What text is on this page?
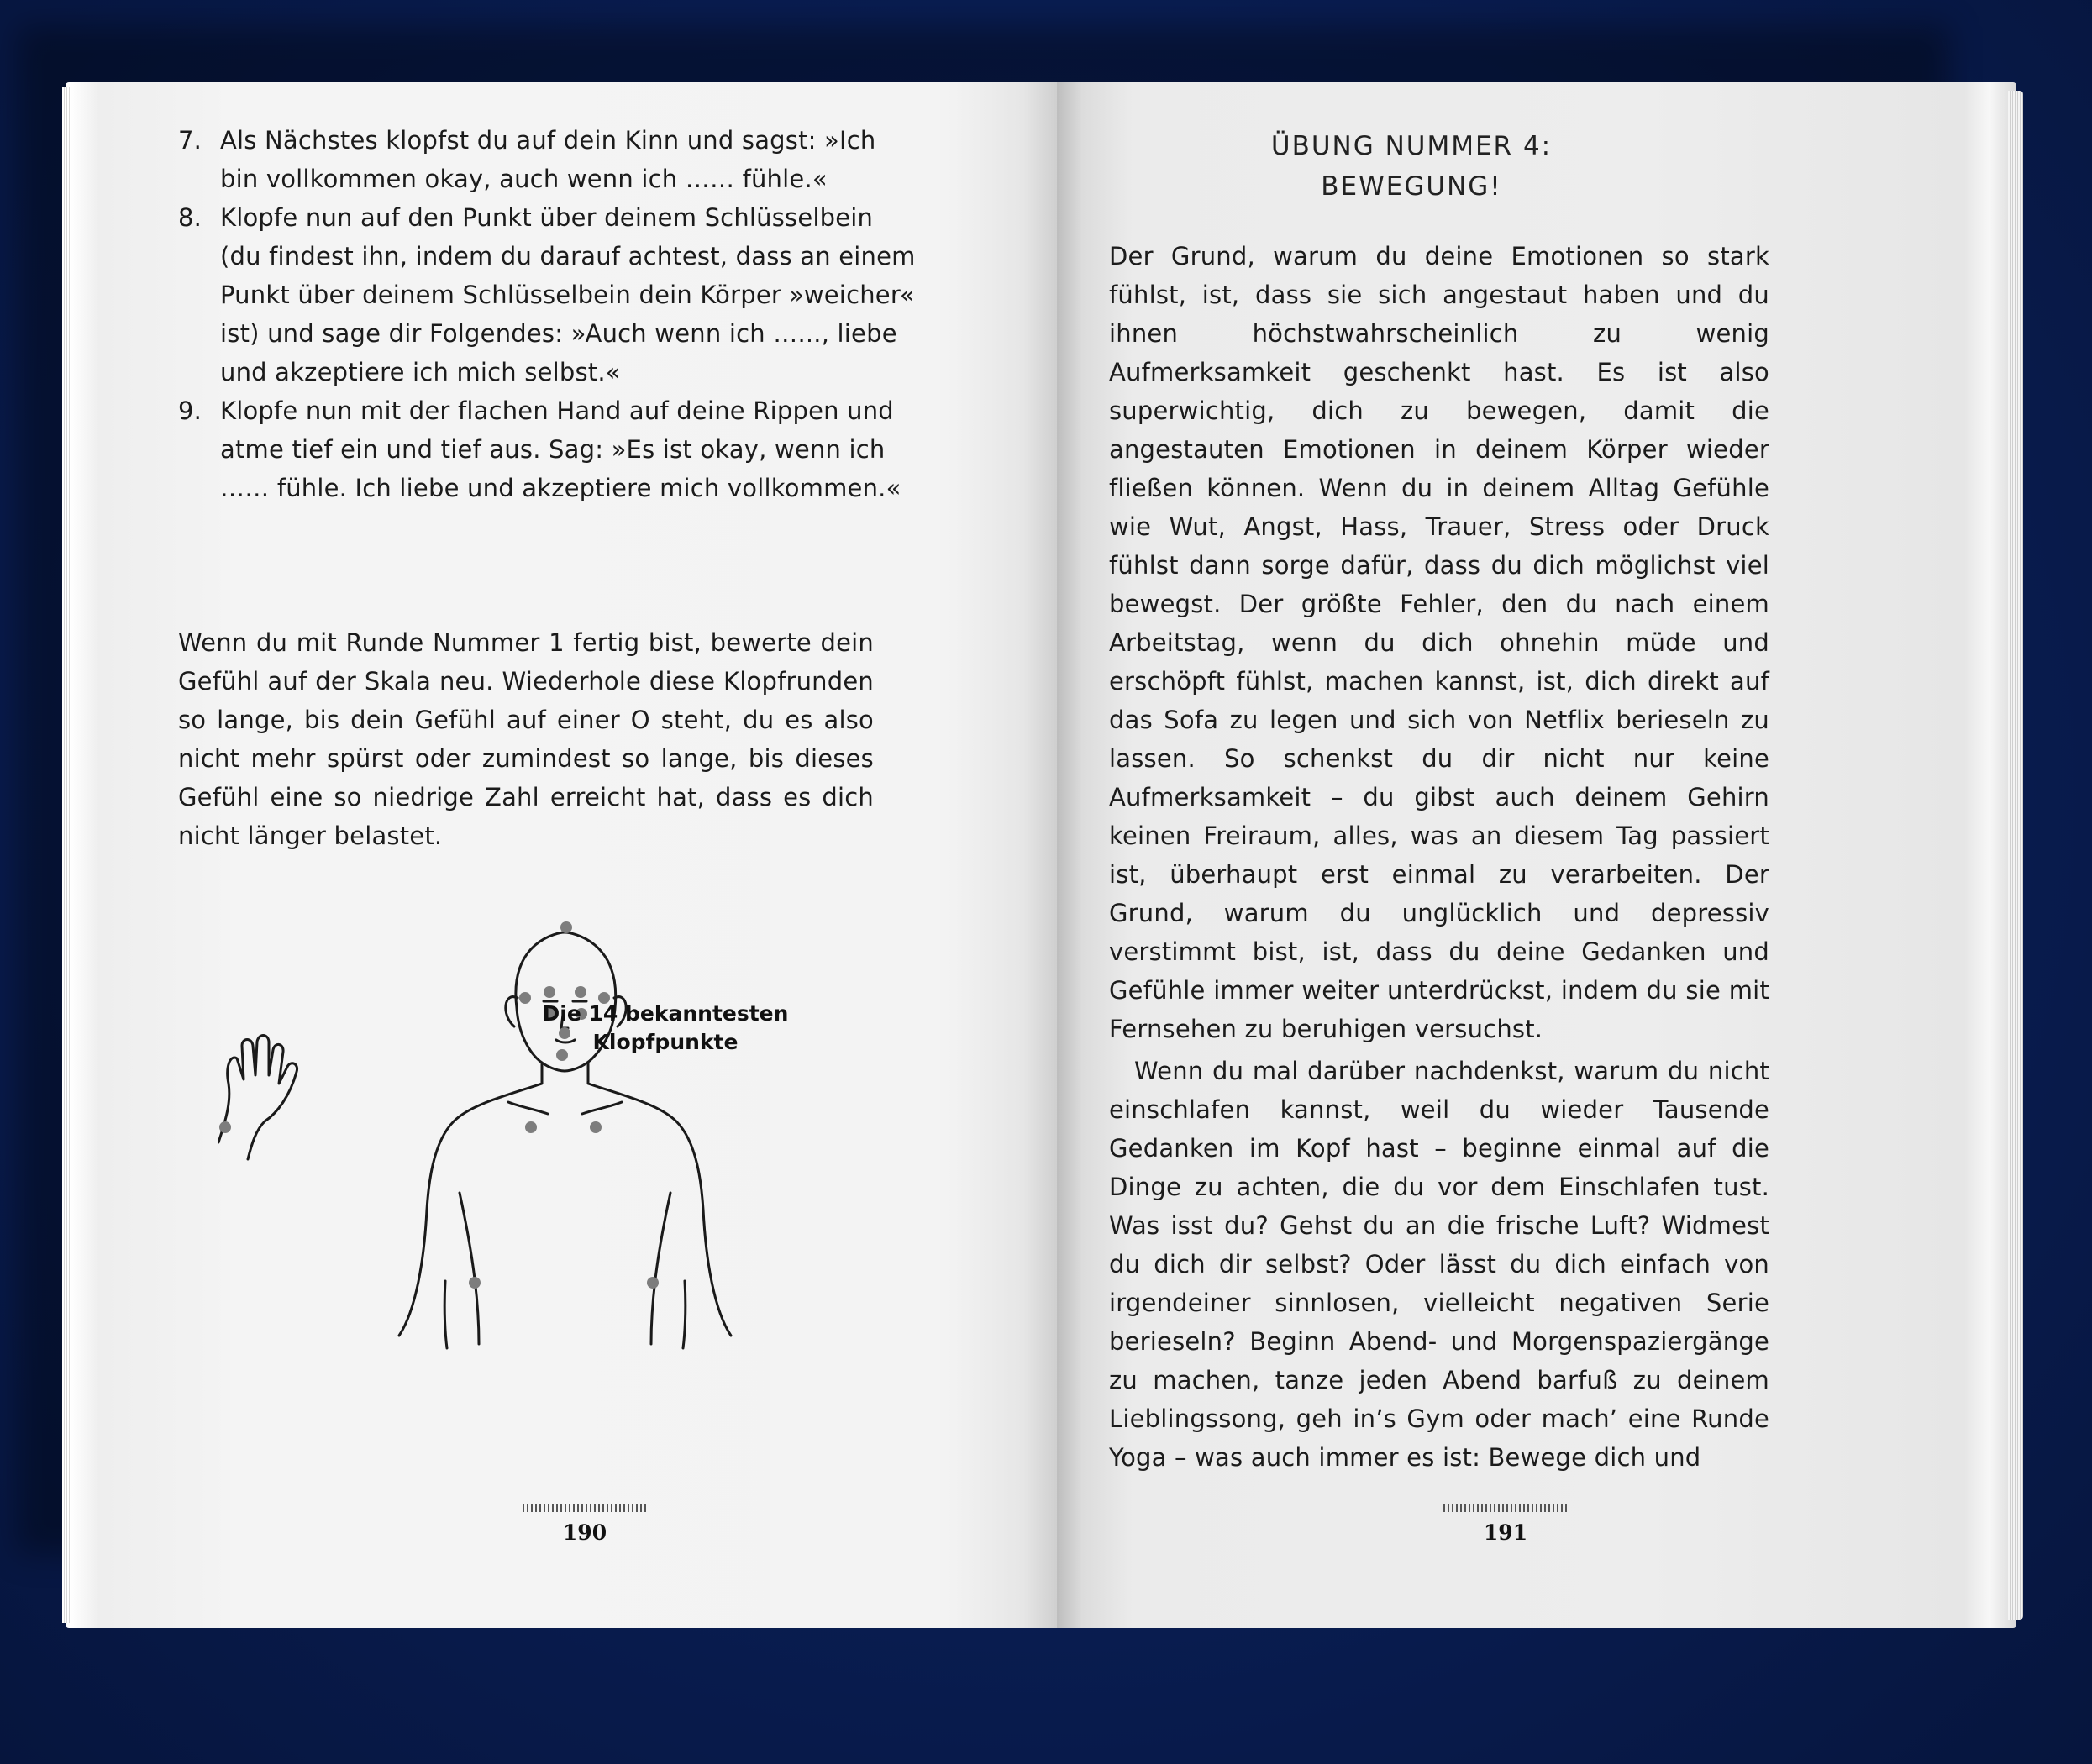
7. Als Nächstes klopfst du auf dein Kinn und sagst: »Ich bin vollkommen okay, auch wenn ich …… fühle.«
8. Klopfe nun auf den Punkt über deinem Schlüsselbein (du findest ihn, indem du darauf achtest, dass an einem Punkt über deinem Schlüsselbein dein Körper »weicher« ist) und sage dir Folgendes: »Auch wenn ich …..., liebe und akzeptiere ich mich selbst.«
9. Klopfe nun mit der flachen Hand auf deine Rippen und atme tief ein und tief aus. Sag: »Es ist okay, wenn ich …… fühle. Ich liebe und akzeptiere mich vollkommen.«
Wenn du mit Runde Nummer 1 fertig bist, bewerte dein Gefühl auf der Skala neu. Wiederhole diese Klopfrunden so lange, bis dein Gefühl auf einer O steht, du es also nicht mehr spürst oder zumindest so lange, bis dieses Gefühl eine so niedrige Zahl erreicht hat, dass es dich nicht länger belastet.
Die 14 bekanntesten
Klopfpunkte
190
ÜBUNG NUMMER 4:
BEWEGUNG!

Der Grund, warum du deine Emotionen so stark fühlst, ist, dass sie sich angestaut haben und du ihnen höchstwahrscheinlich zu wenig Aufmerksamkeit geschenkt hast. Es ist also superwichtig, dich zu bewegen, damit die angestauten Emotionen in deinem Körper wieder fließen können. Wenn du in deinem Alltag Gefühle wie Wut, Angst, Hass, Trauer, Stress oder Druck fühlst dann sorge dafür, dass du dich möglichst viel bewegst. Der größte Fehler, den du nach einem Arbeitstag, wenn du dich ohnehin müde und erschöpft fühlst, machen kannst, ist, dich direkt auf das Sofa zu legen und sich von Netflix berieseln zu lassen. So schenkst du dir nicht nur keine Aufmerksamkeit – du gibst auch deinem Gehirn keinen Freiraum, alles, was an diesem Tag passiert ist, überhaupt erst einmal zu verarbeiten. Der Grund, warum du unglücklich und depressiv verstimmt bist, ist, dass du deine Gedanken und Gefühle immer weiter unterdrückst, indem du sie mit Fernsehen zu beruhigen versuchst.

Wenn du mal darüber nachdenkst, warum du nicht einschlafen kannst, weil du wieder Tausende Gedanken im Kopf hast – beginne einmal auf die Dinge zu achten, die du vor dem Einschlafen tust. Was isst du? Gehst du an die frische Luft? Widmest du dich dir selbst? Oder lässt du dich einfach von irgendeiner sinnlosen, vielleicht negativen Serie berieseln? Beginn Abend- und Morgenspaziergänge zu machen, tanze jeden Abend barfuß zu deinem Lieblingssong, geh in’s Gym oder mach’ eine Runde Yoga – was auch immer es ist: Bewege dich und

191
